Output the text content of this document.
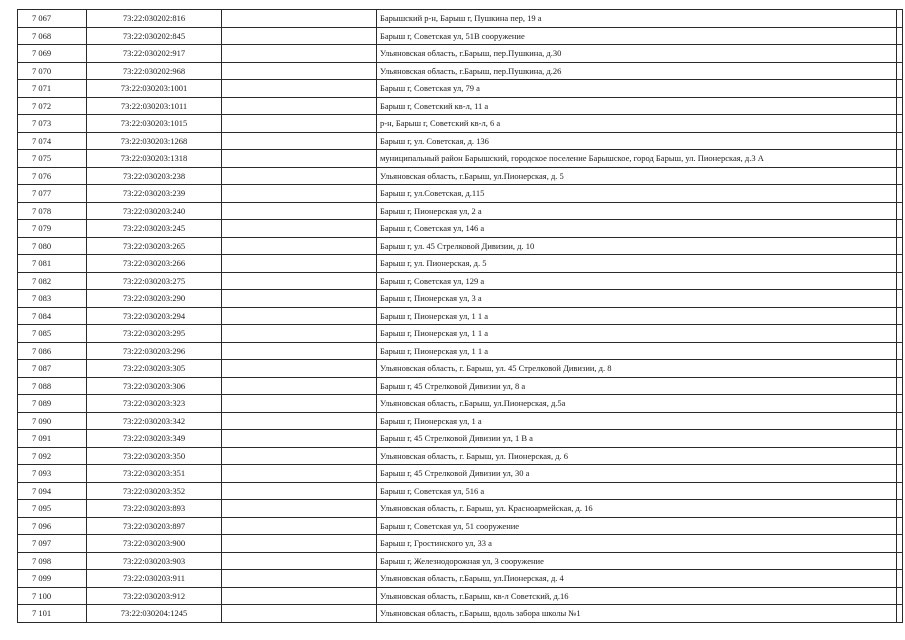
7 067	73:22:030202:816		Барышский р-н, Барыш г, Пушкина пер, 19 а	
7 068	73:22:030202:845		Барыш г, Советская ул, 51В сооружение	
7 069	73:22:030202:917		Ульяновская область, г.Барыш, пер.Пушкина, д.30	
7 070	73:22:030202:968		Ульяновская область, г.Барыш, пер.Пушкина, д.26	
7 071	73:22:030203:1001		Барыш г, Советская ул, 79 а	
7 072	73:22:030203:1011		Барыш г, Советский кв-л, 11 а	
7 073	73:22:030203:1015		р-н, Барыш г, Советский кв-л, 6 а	
7 074	73:22:030203:1268		Барыш г, ул. Советская, д. 136	
7 075	73:22:030203:1318		муниципальный район Барышский, городское поселение Барышское, город Барыш, ул. Пионерская, д.3 А	
7 076	73:22:030203:238		Ульяновская область, г.Барыш, ул.Пионерская, д. 5	
7 077	73:22:030203:239		Барыш г, ул.Советская, д.115	
7 078	73:22:030203:240		Барыш г, Пионерская ул, 2 а	
7 079	73:22:030203:245		Барыш г, Советская ул, 146 а	
7 080	73:22:030203:265		Барыш г, ул. 45 Стрелковой Дивизии, д. 10	
7 081	73:22:030203:266		Барыш г, ул. Пионерская, д. 5	
7 082	73:22:030203:275		Барыш г, Советская ул, 129 а	
7 083	73:22:030203:290		Барыш г, Пионерская ул, 3 а	
7 084	73:22:030203:294		Барыш г, Пионерская ул, 1 1 а	
7 085	73:22:030203:295		Барыш г, Пионерская ул, 1 1 а	
7 086	73:22:030203:296		Барыш г, Пионерская ул, 1 1 а	
7 087	73:22:030203:305		Ульяновская область, г. Барыш, ул. 45 Стрелковой Дивизии, д. 8	
7 088	73:22:030203:306		Барыш г, 45 Стрелковой Дивизии ул, 8 а	
7 089	73:22:030203:323		Ульяновская область, г.Барыш, ул.Пионерская, д.5а	
7 090	73:22:030203:342		Барыш г, Пионерская ул, 1 а	
7 091	73:22:030203:349		Барыш г, 45 Стрелковой Дивизии ул, 1 В а	
7 092	73:22:030203:350		Ульяновская область, г. Барыш, ул. Пионерская, д. 6	
7 093	73:22:030203:351		Барыш г, 45 Стрелковой Дивизии ул, 30 а	
7 094	73:22:030203:352		Барыш г, Советская ул, 516 а	
7 095	73:22:030203:893		Ульяновская область, г. Барыш, ул. Красноармейская, д. 16	
7 096	73:22:030203:897		Барыш г, Советская ул, 51 сооружение	
7 097	73:22:030203:900		Барыш г, Гростинского ул, 33 а	
7 098	73:22:030203:903		Барыш г, Железнодорожная ул, 3 сооружение	
7 099	73:22:030203:911		Ульяновская область, г.Барыш, ул.Пионерская, д. 4	
7 100	73:22:030203:912		Ульяновская область, г.Барыш, кв-л Советский, д.16	
7 101	73:22:030204:1245		Ульяновская область, г.Барыш, вдоль забора школы №1	
